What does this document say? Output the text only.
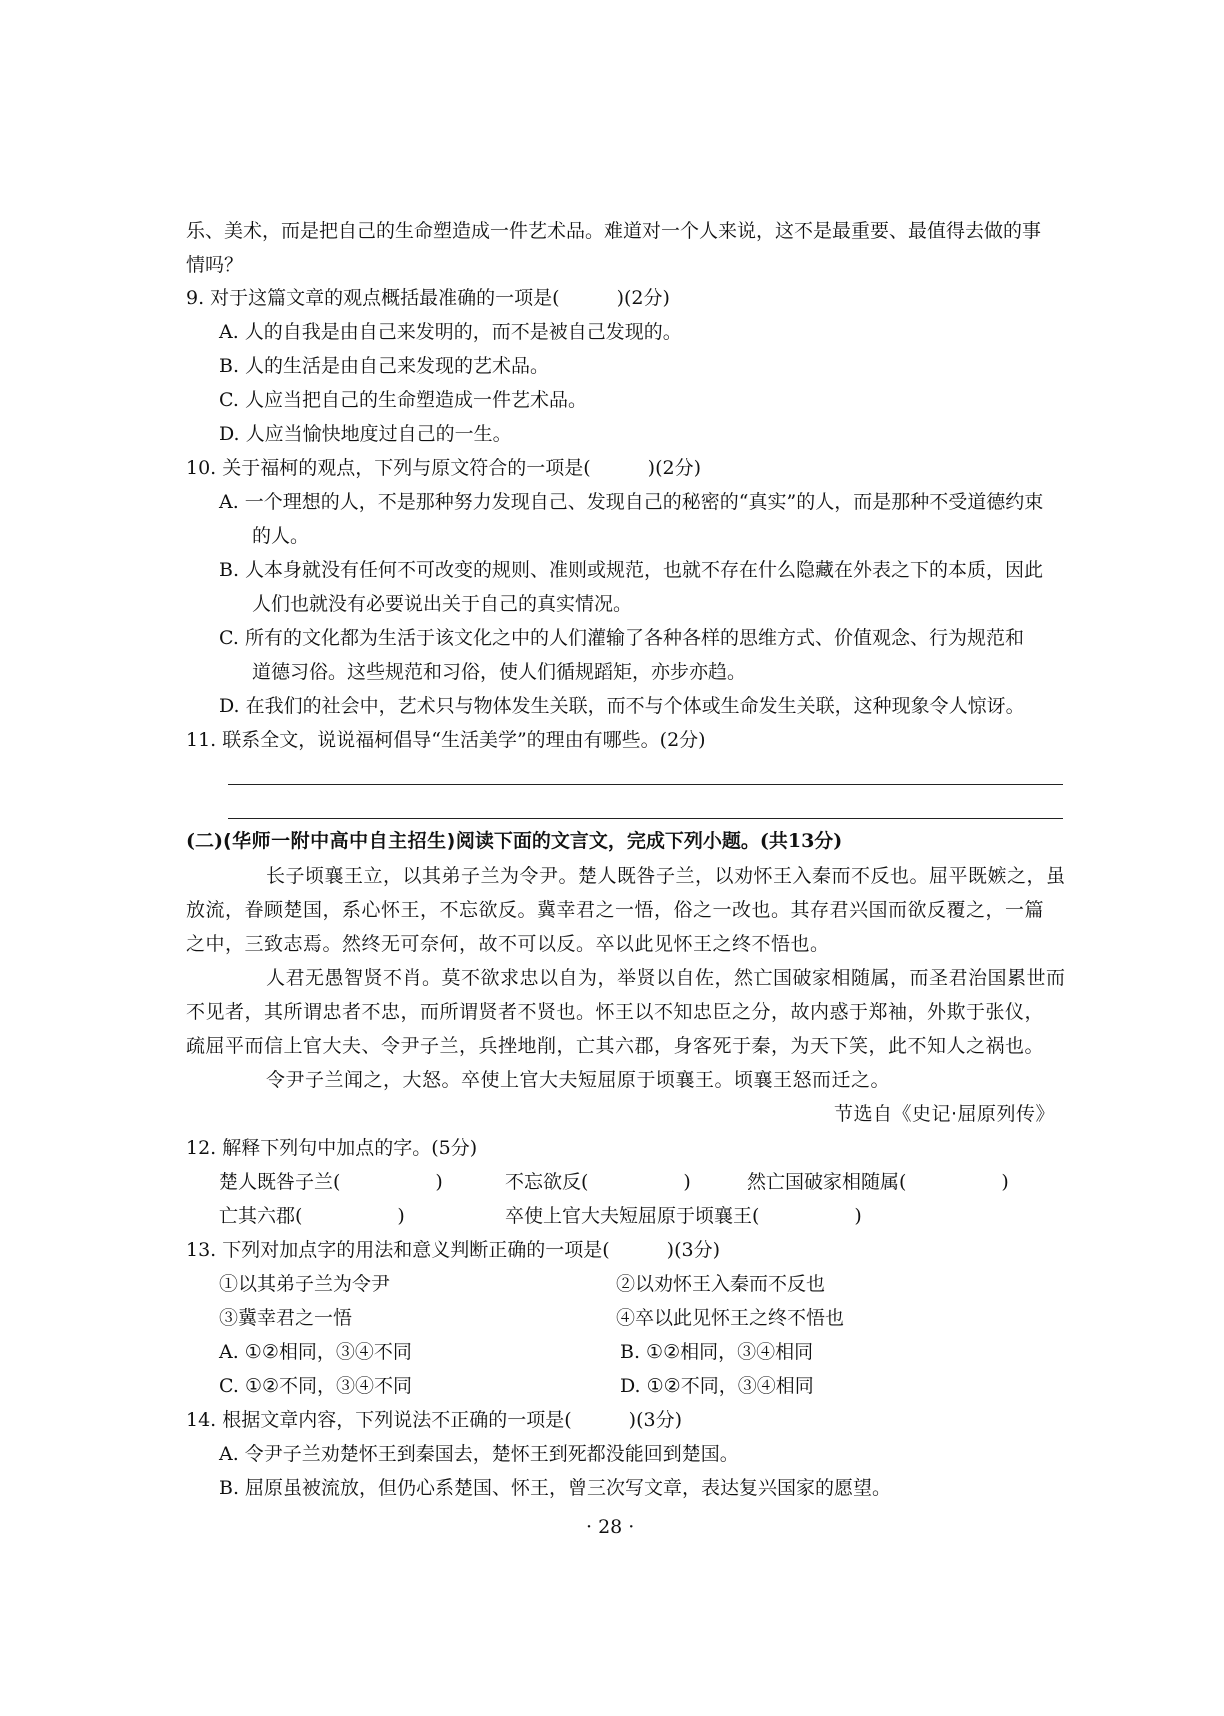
乐、美术，而是把自己的生命塑造成一件艺术品。难道对一个人来说，这不是最重要、最值得去做的事
情吗？
9. 对于这篇文章的观点概括最准确的一项是(　　　)(2分)
A. 人的自我是由自己来发明的，而不是被自己发现的。
B. 人的生活是由自己来发现的艺术品。
C. 人应当把自己的生命塑造成一件艺术品。
D. 人应当愉快地度过自己的一生。
10. 关于福柯的观点，下列与原文符合的一项是(　　　)(2分)
A. 一个理想的人，不是那种努力发现自己、发现自己的秘密的“真实”的人，而是那种不受道德约束
的人。
B. 人本身就没有任何不可改变的规则、准则或规范，也就不存在什么隐藏在外表之下的本质，因此
人们也就没有必要说出关于自己的真实情况。
C. 所有的文化都为生活于该文化之中的人们灌输了各种各样的思维方式、价值观念、行为规范和
道德习俗。这些规范和习俗，使人们循规蹈矩，亦步亦趋。
D. 在我们的社会中，艺术只与物体发生关联，而不与个体或生命发生关联，这种现象令人惊讶。
11. 联系全文，说说福柯倡导“生活美学”的理由有哪些。(2分)
(二)(华师一附中高中自主招生)阅读下面的文言文，完成下列小题。(共13分)
长子顷襄王立，以其弟子兰为令尹。楚人既咎子兰，以劝怀王入秦而不反也。屈平既嫉之，虽
放流，眷顾楚国，系心怀王，不忘欲反。冀幸君之一悟，俗之一改也。其存君兴国而欲反覆之，一篇
之中，三致志焉。然终无可奈何，故不可以反。卒以此见怀王之终不悟也。
人君无愚智贤不肖。莫不欲求忠以自为，举贤以自佐，然亡国破家相随属，而圣君治国累世而
不见者，其所谓忠者不忠，而所谓贤者不贤也。怀王以不知忠臣之分，故内惑于郑袖，外欺于张仪，
疏屈平而信上官大夫、令尹子兰，兵挫地削，亡其六郡，身客死于秦，为天下笑，此不知人之祸也。
令尹子兰闻之，大怒。卒使上官大夫短屈原于顷襄王。顷襄王怒而迁之。
节选自《史记·屈原列传》
12. 解释下列句中加点的字。(5分)
楚人既咎子兰(　　　　　)	不忘欲反(　　　　　)	然亡国破家相随属(　　　　　)
亡其六郡(　　　　　)	卒使上官大夫短屈原于顷襄王(　　　　　)
13. 下列对加点字的用法和意义判断正确的一项是(　　　)(3分)
①以其弟子兰为令尹	②以劝怀王入秦而不反也
③冀幸君之一悟	④卒以此见怀王之终不悟也
A. ①②相同，③④不同	B. ①②相同，③④相同
C. ①②不同，③④不同	D. ①②不同，③④相同
14. 根据文章内容，下列说法不正确的一项是(　　　)(3分)
A. 令尹子兰劝楚怀王到秦国去，楚怀王到死都没能回到楚国。
B. 屈原虽被流放，但仍心系楚国、怀王，曾三次写文章，表达复兴国家的愿望。
· 28 ·
